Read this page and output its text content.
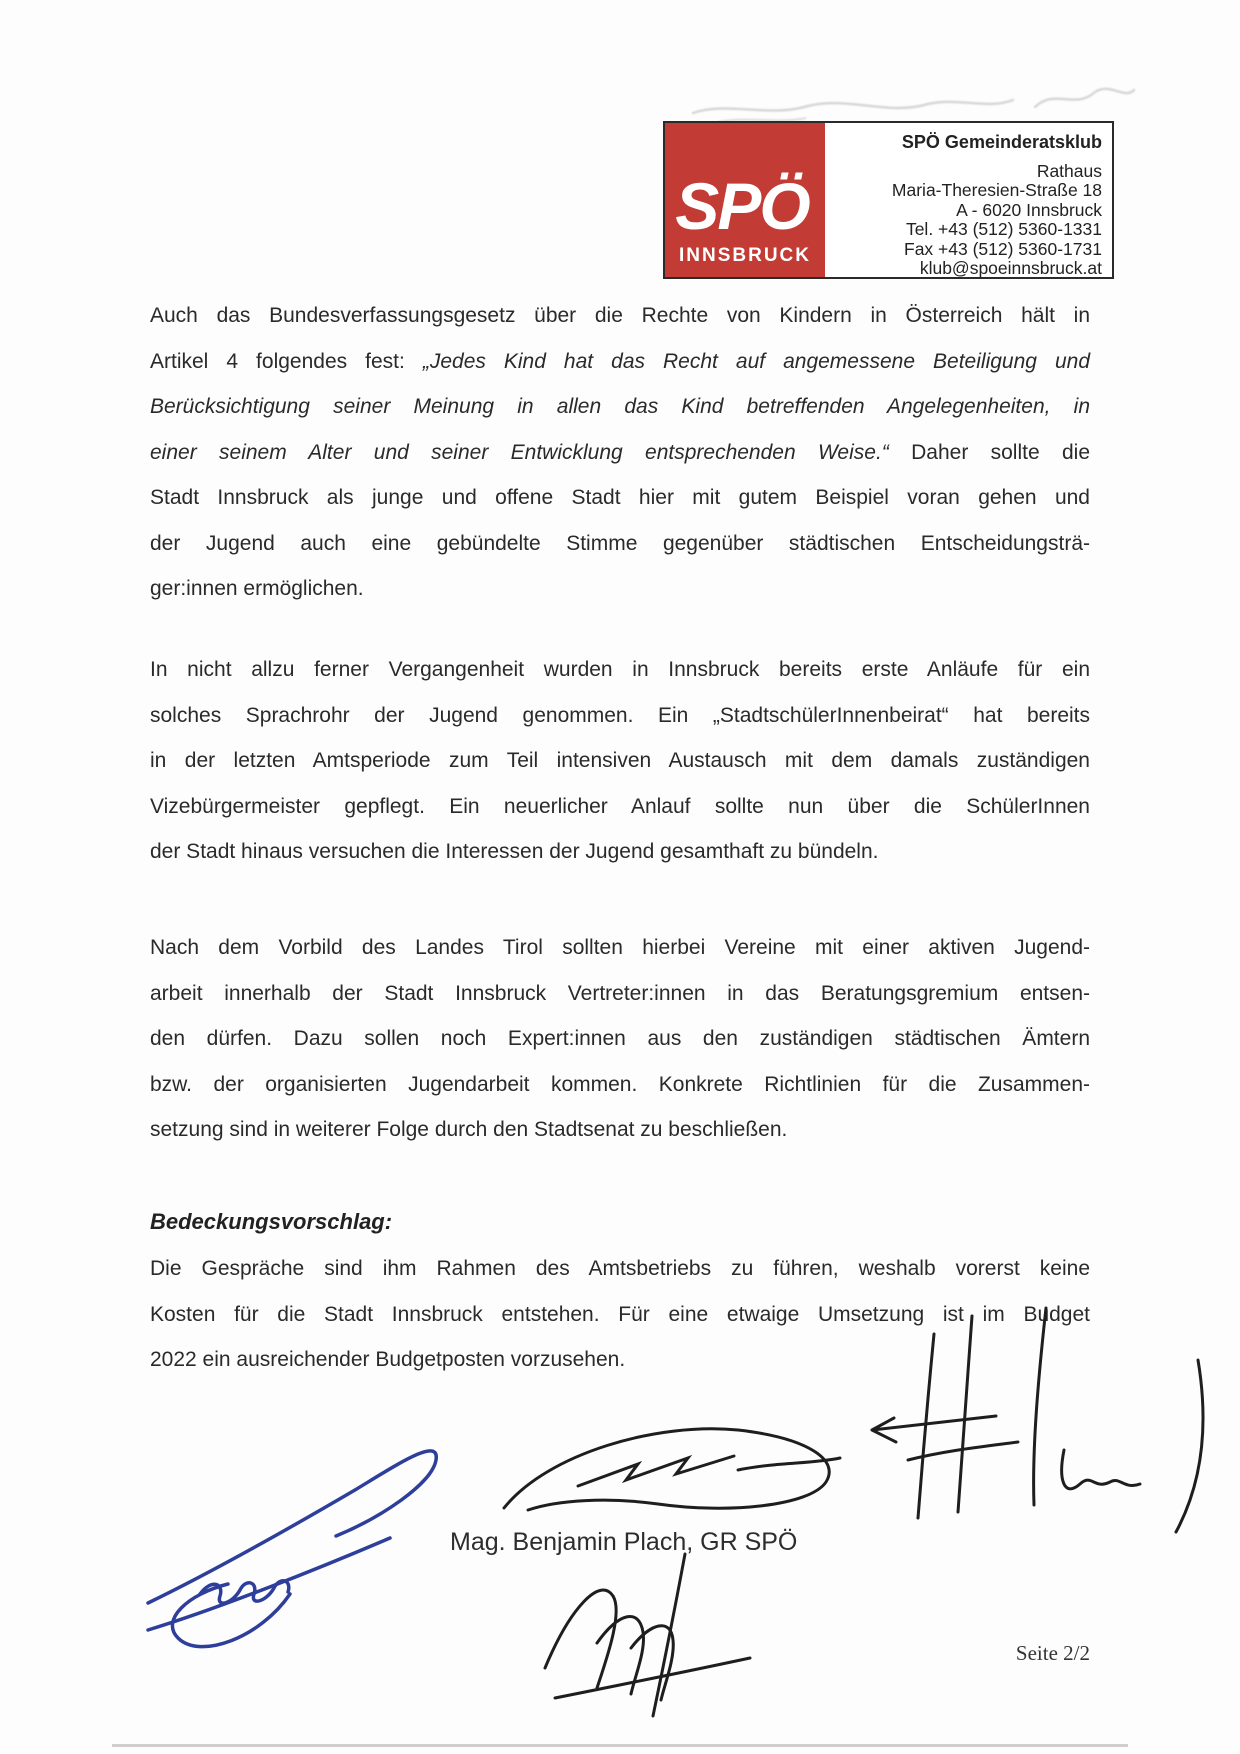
SPÖ
INNSBRUCK
SPÖ Gemeinderatsklub
Rathaus
Maria-Theresien-Straße 18
A - 6020 Innsbruck
Tel. +43 (512) 5360-1331
Fax +43 (512) 5360-1731
klub@spoeinnsbruck.at
Auch das Bundesverfassungsgesetz über die Rechte von Kindern in Österreich hält in
Artikel 4 folgendes fest: „Jedes Kind hat das Recht auf angemessene Beteiligung und
Berücksichtigung seiner Meinung in allen das Kind betreffenden Angelegenheiten, in
einer seinem Alter und seiner Entwicklung entsprechenden Weise.“ Daher sollte die
Stadt Innsbruck als junge und offene Stadt hier mit gutem Beispiel voran gehen und
der Jugend auch eine gebündelte Stimme gegenüber städtischen Entscheidungsträ-
ger:innen ermöglichen.
In nicht allzu ferner Vergangenheit wurden in Innsbruck bereits erste Anläufe für ein
solches Sprachrohr der Jugend genommen. Ein „StadtschülerInnenbeirat“ hat bereits
in der letzten Amtsperiode zum Teil intensiven Austausch mit dem damals zuständigen
Vizebürgermeister gepflegt. Ein neuerlicher Anlauf sollte nun über die SchülerInnen
der Stadt hinaus versuchen die Interessen der Jugend gesamthaft zu bündeln.
Nach dem Vorbild des Landes Tirol sollten hierbei Vereine mit einer aktiven Jugend-
arbeit innerhalb der Stadt Innsbruck Vertreter:innen in das Beratungsgremium entsen-
den dürfen. Dazu sollen noch Expert:innen aus den zuständigen städtischen Ämtern
bzw. der organisierten Jugendarbeit kommen. Konkrete Richtlinien für die Zusammen-
setzung sind in weiterer Folge durch den Stadtsenat zu beschließen.
Bedeckungsvorschlag:
Die Gespräche sind ihm Rahmen des Amtsbetriebs zu führen, weshalb vorerst keine
Kosten für die Stadt Innsbruck entstehen. Für eine etwaige Umsetzung ist im Budget
2022 ein ausreichender Budgetposten vorzusehen.
Mag. Benjamin Plach, GR SPÖ
Seite 2/2
